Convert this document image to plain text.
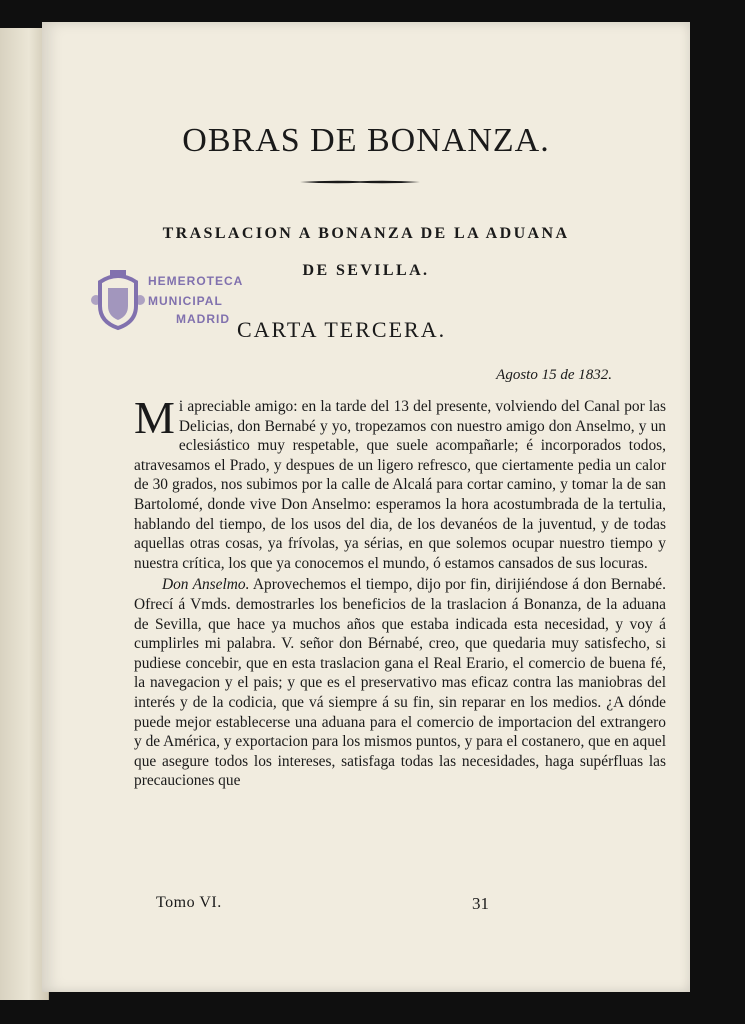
OBRAS DE BONANZA.
TRASLACION A BONANZA DE LA ADUANA
DE SEVILLA.
HEMEROTECA
MUNICIPAL
MADRID CARTA TERCERA.
Agosto 15 de 1832.

Mi apreciable amigo: en la tarde del 13 del presente, volviendo del Canal por las Delicias, don Bernabé y yo, tropezamos con nuestro amigo don Anselmo, y un eclesiástico muy respetable, que suele acompañarle; é incorporados todos, atravesamos el Prado, y despues de un ligero refresco, que ciertamente pedia un calor de 30 grados, nos subimos por la calle de Alcalá para cortar camino, y tomar la de san Bartolomé, donde vive Don Anselmo: esperamos la hora acostumbrada de la tertulia, hablando del tiempo, de los usos del dia, de los devanéos de la juventud, y de todas aquellas otras cosas, ya frívolas, ya sérias, en que solemos ocupar nuestro tiempo y nuestra crítica, los que ya conocemos el mundo, ó estamos cansados de sus locuras.

Don Anselmo. Aprovechemos el tiempo, dijo por fin, dirijiéndose á don Bernabé. Ofrecí á Vmds. demostrarles los beneficios de la traslacion á Bonanza, de la aduana de Sevilla, que hace ya muchos años que estaba indicada esta necesidad, y voy á cumplirles mi palabra. V. señor don Bérnabé, creo, que quedaria muy satisfecho, si pudiese concebir, que en esta traslacion gana el Real Erario, el comercio de buena fé, la navegacion y el pais; y que es el preservativo mas eficaz contra las maniobras del interés y de la codicia, que vá siempre á su fin, sin reparar en los medios. ¿A dónde puede mejor establecerse una aduana para el comercio de importacion del extrangero y de América, y exportacion para los mismos puntos, y para el costanero, que en aquel que asegure todos los intereses, satisfaga todas las necesidades, haga supérfluas las precauciones que

Tomo VI.	31
